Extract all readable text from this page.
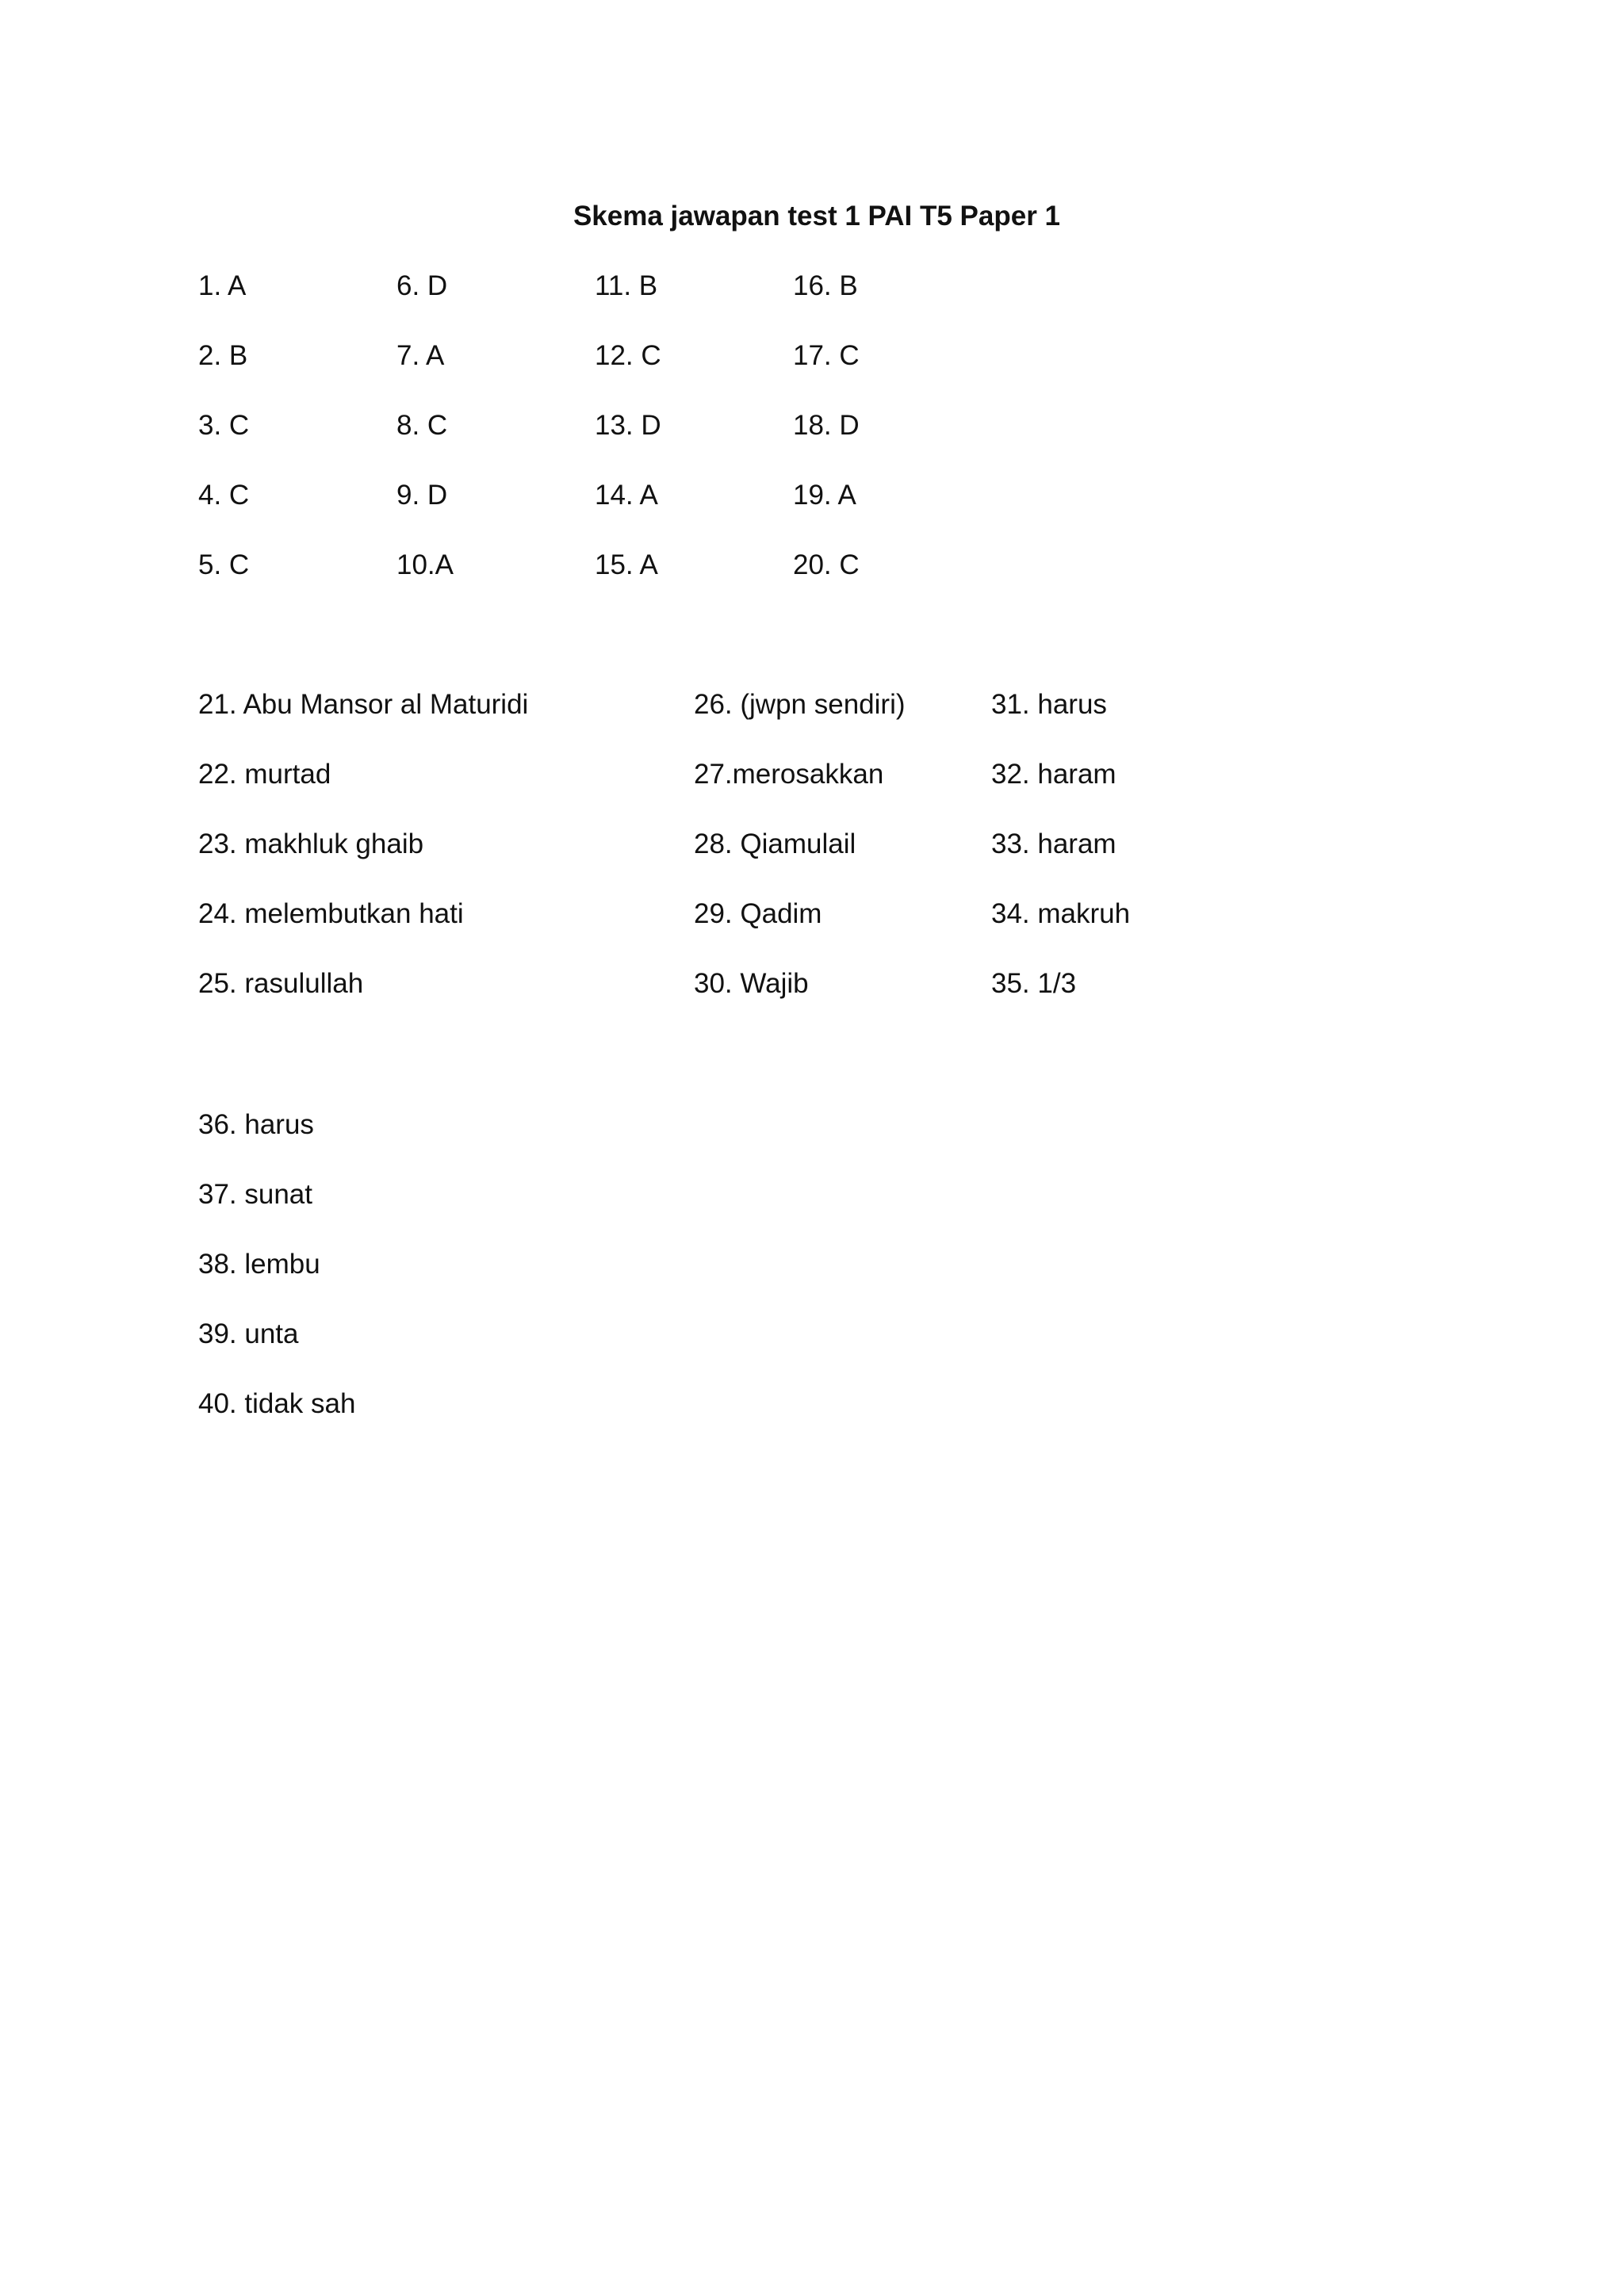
Skema jawapan test 1 PAI T5 Paper 1
1. A
2. B
3. C
4. C
5. C
6. D
7. A
8. C
9. D
10.A
11. B
12. C
13. D
14. A
15. A
16. B
17. C
18. D
19. A
20. C
21. Abu Mansor al Maturidi
22. murtad
23. makhluk ghaib
24. melembutkan hati
25. rasulullah
26. (jwpn sendiri)
27.merosakkan
28. Qiamulail
29. Qadim
30. Wajib
31. harus
32. haram
33. haram
34. makruh
35. 1/3
36. harus
37. sunat
38. lembu
39. unta
40. tidak sah
